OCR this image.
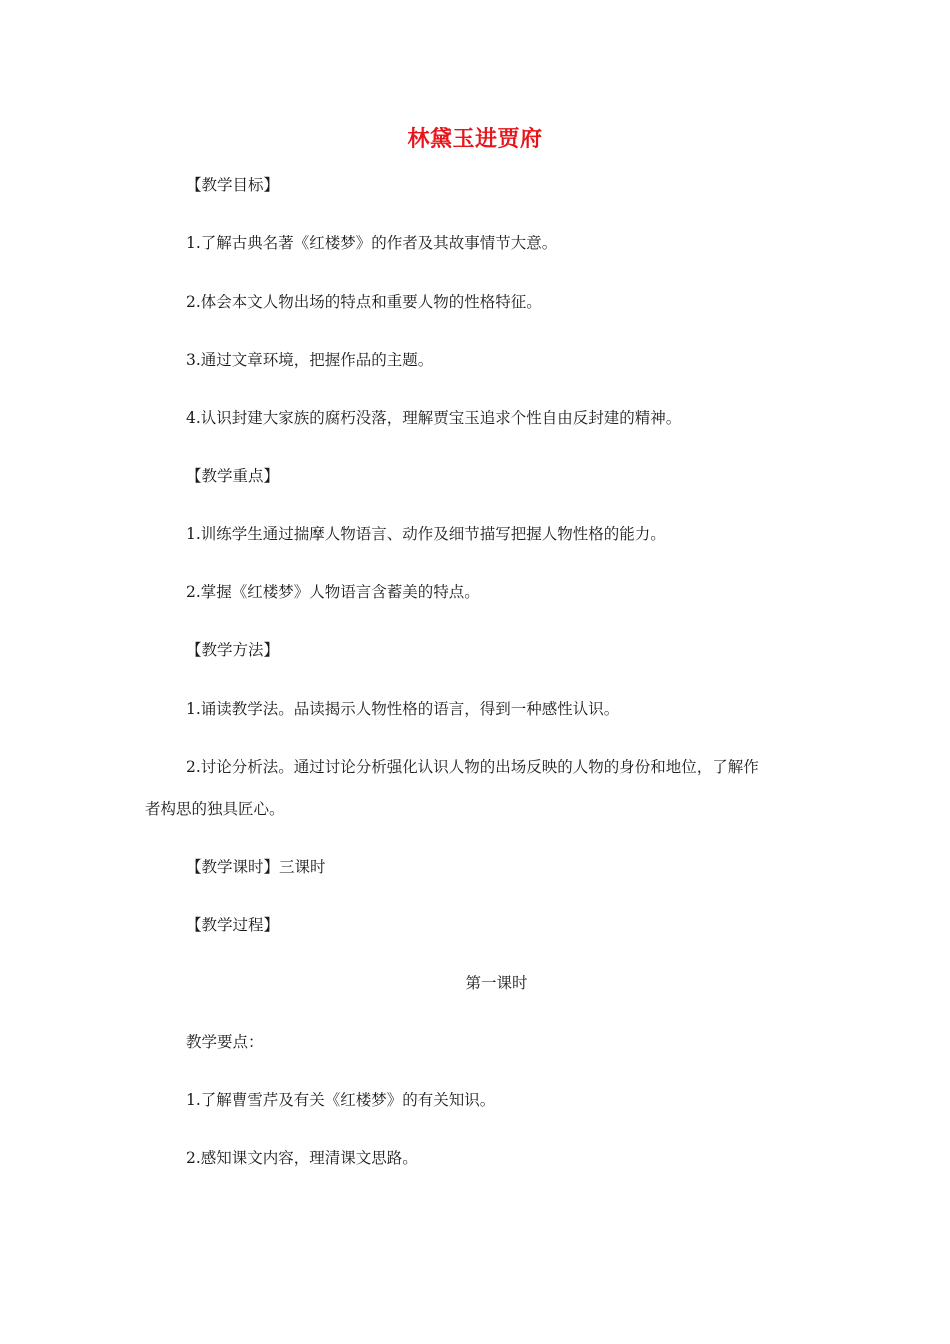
林黛玉进贾府
【教学目标】
1.了解古典名著《红楼梦》的作者及其故事情节大意。
2.体会本文人物出场的特点和重要人物的性格特征。
3.通过文章环境，把握作品的主题。
4.认识封建大家族的腐朽没落，理解贾宝玉追求个性自由反封建的精神。
【教学重点】
1.训练学生通过揣摩人物语言、动作及细节描写把握人物性格的能力。
2.掌握《红楼梦》人物语言含蓄美的特点。
【教学方法】
1.诵读教学法。品读揭示人物性格的语言，得到一种感性认识。
2.讨论分析法。通过讨论分析强化认识人物的出场反映的人物的身份和地位，了解作
者构思的独具匠心。
【教学课时】三课时
【教学过程】
第一课时
教学要点：
1.了解曹雪芹及有关《红楼梦》的有关知识。
2.感知课文内容，理清课文思路。
